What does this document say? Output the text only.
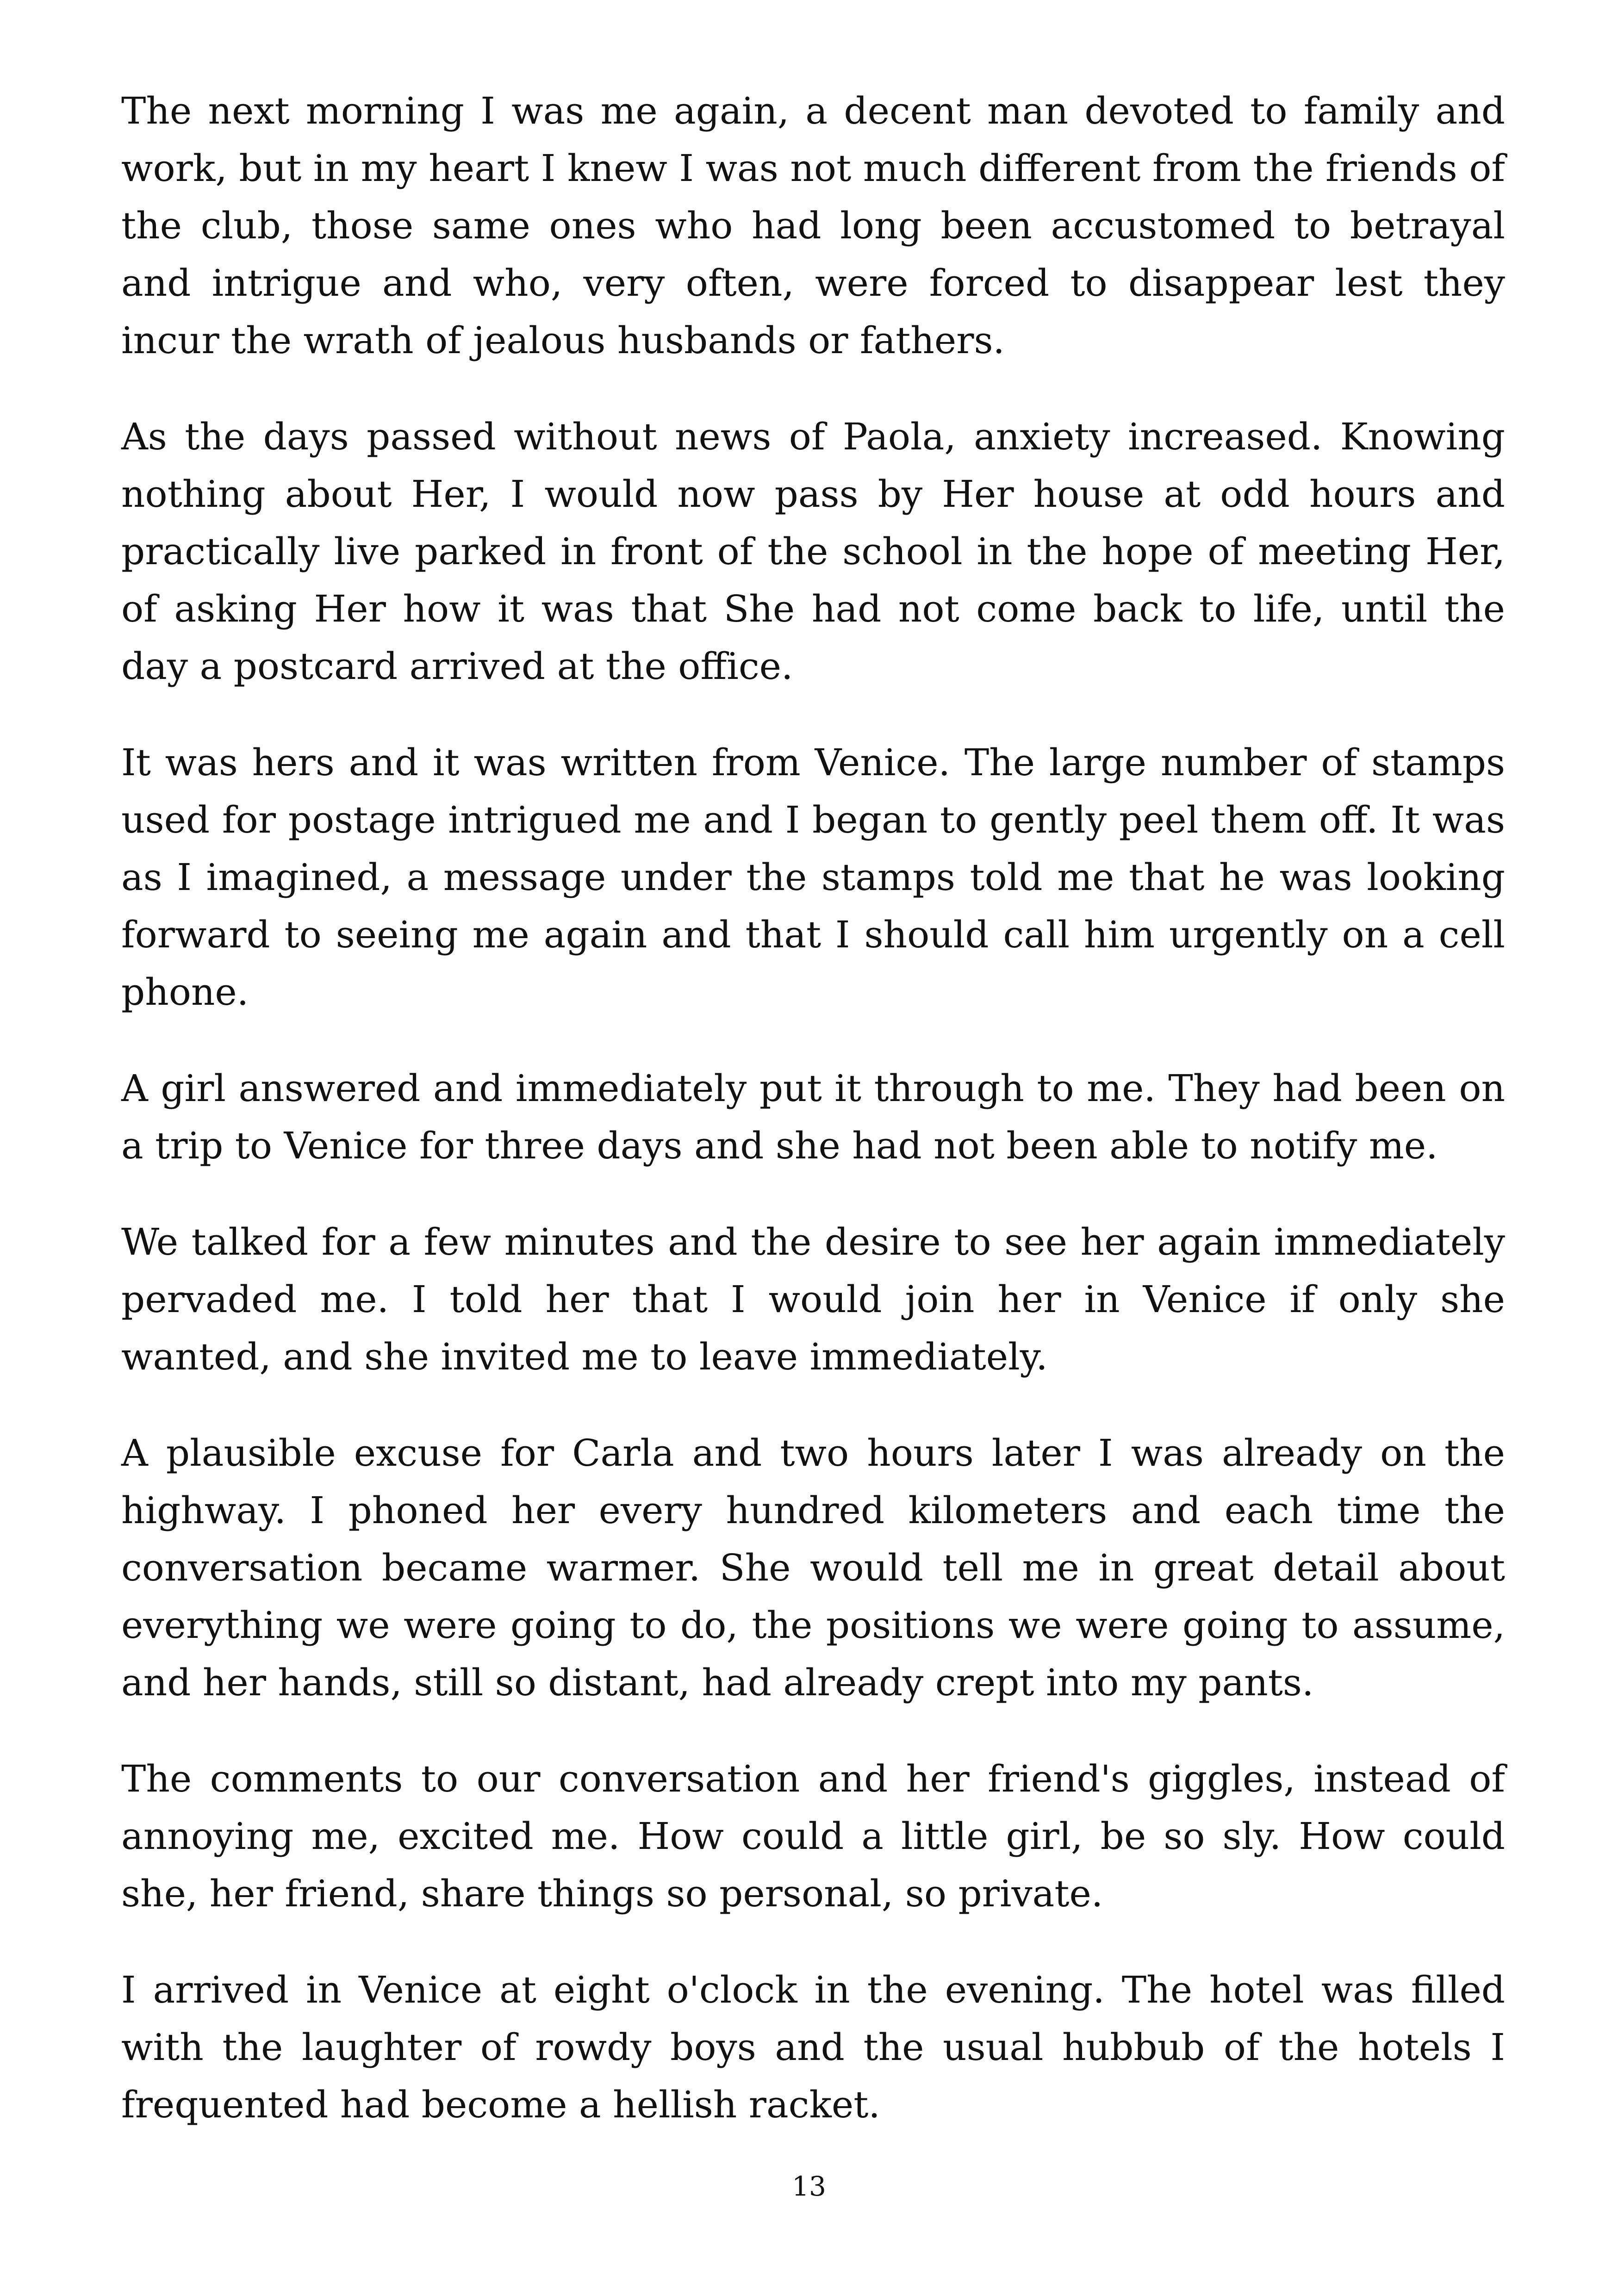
The next morning I was me again, a decent man devoted to family and work, but in my heart I knew I was not much different from the friends of the club, those same ones who had long been accustomed to betrayal and intrigue and who, very often, were forced to disappear lest they incur the wrath of jealous husbands or fathers.

As the days passed without news of Paola, anxiety increased. Knowing nothing about Her, I would now pass by Her house at odd hours and practically live parked in front of the school in the hope of meeting Her, of asking Her how it was that She had not come back to life, until the day a postcard arrived at the office.

It was hers and it was written from Venice. The large number of stamps used for postage intrigued me and I began to gently peel them off. It was as I imagined, a message under the stamps told me that he was looking forward to seeing me again and that I should call him urgently on a cell phone.

A girl answered and immediately put it through to me. They had been on a trip to Venice for three days and she had not been able to notify me.

We talked for a few minutes and the desire to see her again immediately pervaded me. I told her that I would join her in Venice if only she wanted, and she invited me to leave immediately.

A plausible excuse for Carla and two hours later I was already on the highway. I phoned her every hundred kilometers and each time the conversation became warmer. She would tell me in great detail about everything we were going to do, the positions we were going to assume, and her hands, still so distant, had already crept into my pants.

The comments to our conversation and her friend's giggles, instead of annoying me, excited me. How could a little girl, be so sly. How could she, her friend, share things so personal, so private.

I arrived in Venice at eight o'clock in the evening. The hotel was filled with the laughter of rowdy boys and the usual hubbub of the hotels I frequented had become a hellish racket.

13
